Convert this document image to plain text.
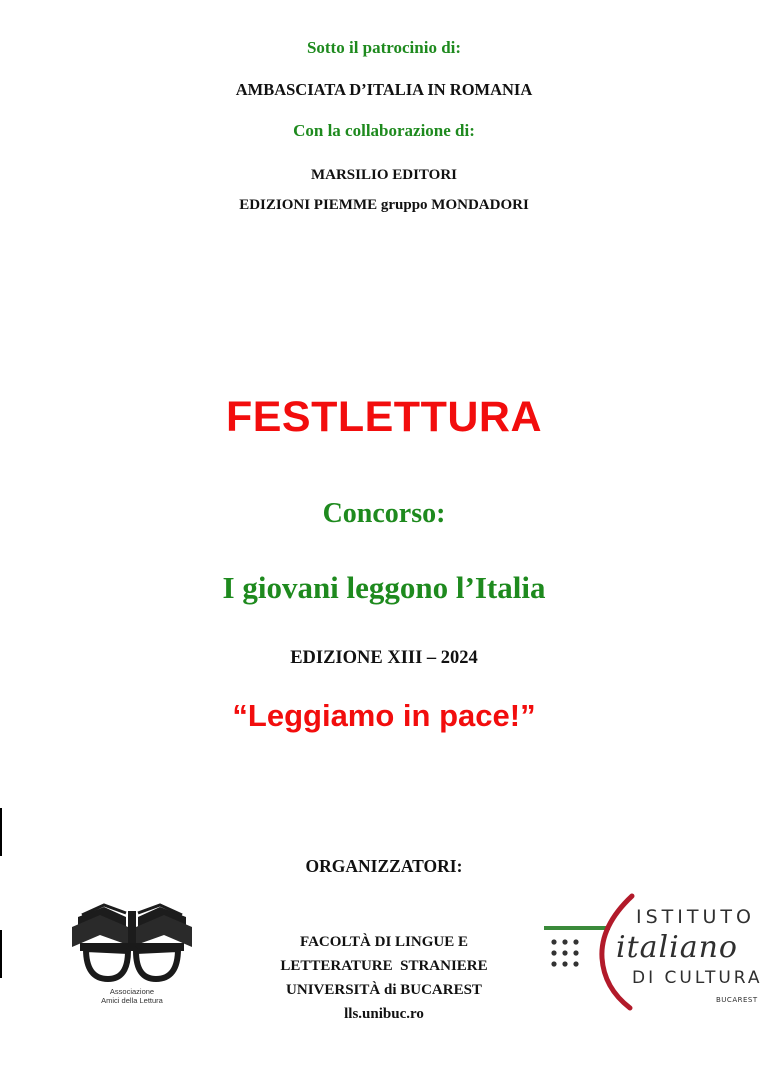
Sotto il patrocinio di:
AMBASCIATA D’ITALIA IN ROMANIA
Con la collaborazione di:
MARSILIO EDITORI
EDIZIONI PIEMME gruppo MONDADORI
FESTLETTURA
Concorso:
I giovani leggono l’Italia
EDIZIONE XIII – 2024
“Leggiamo in pace!”
ORGANIZZATORI:
Associazione
Amici della Lettura
FACOLTÀ DI LINGUE E
LETTERATURE  STRANIERE
UNIVERSITÀ di BUCAREST
lls.unibuc.ro
ISTITUTO
italiano
DI CULTURA
BUCAREST
